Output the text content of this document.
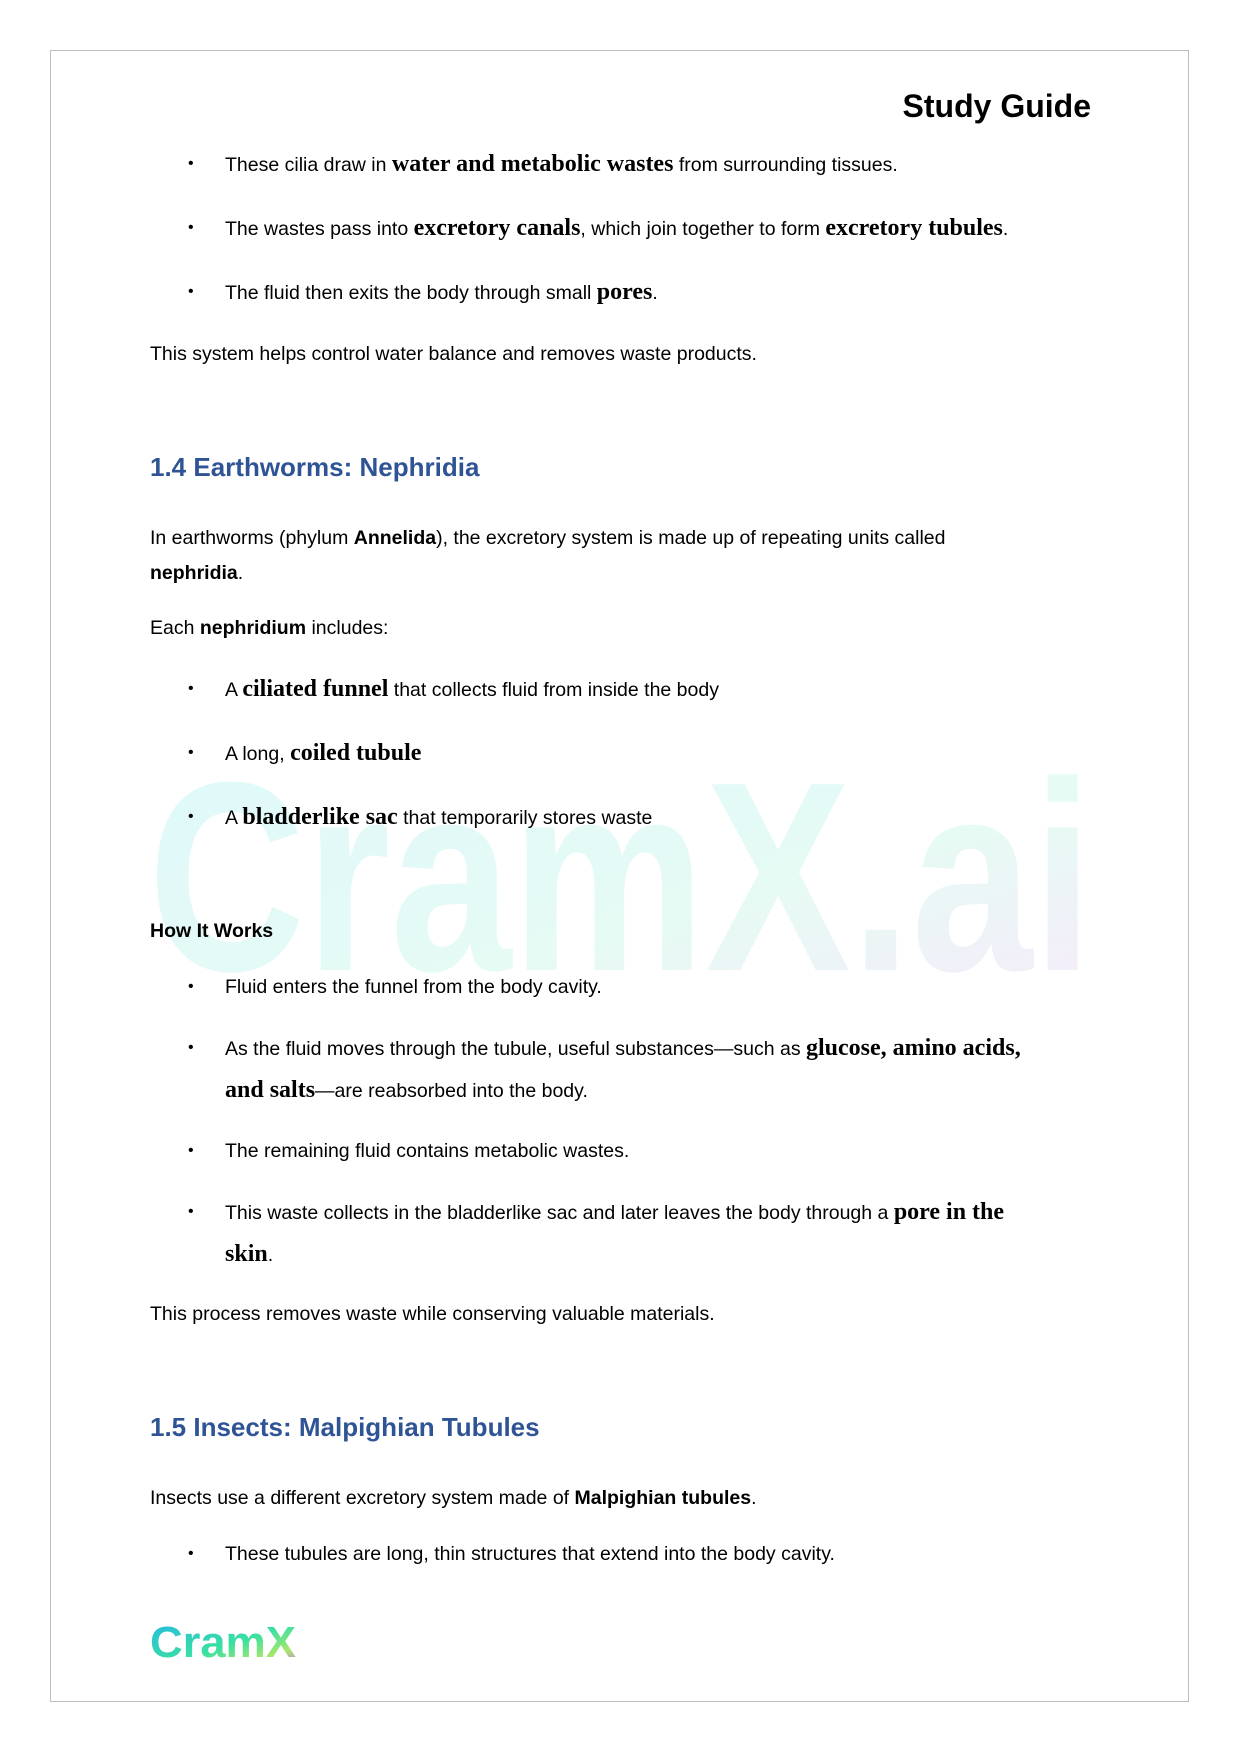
CramX.ai
Study Guide
• These cilia draw in water and metabolic wastes from surrounding tissues.
• The wastes pass into excretory canals, which join together to form excretory tubules.
• The fluid then exits the body through small pores.
This system helps control water balance and removes waste products.
1.4 Earthworms: Nephridia
In earthworms (phylum Annelida), the excretory system is made up of repeating units called
nephridia.
Each nephridium includes:
• A ciliated funnel that collects fluid from inside the body
• A long, coiled tubule
• A bladderlike sac that temporarily stores waste
How It Works
• Fluid enters the funnel from the body cavity.
• As the fluid moves through the tubule, useful substances—such as glucose, amino acids,
and salts—are reabsorbed into the body.
• The remaining fluid contains metabolic wastes.
• This waste collects in the bladderlike sac and later leaves the body through a pore in the
skin.
This process removes waste while conserving valuable materials.
1.5 Insects: Malpighian Tubules
Insects use a different excretory system made of Malpighian tubules.
• These tubules are long, thin structures that extend into the body cavity.
CramX
